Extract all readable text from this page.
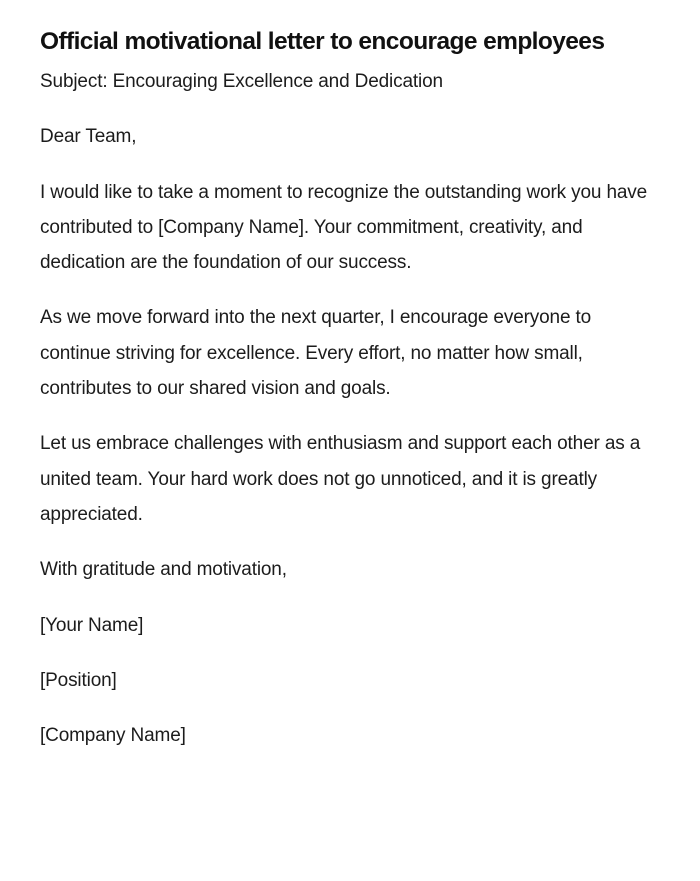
Official motivational letter to encourage employees

Subject: Encouraging Excellence and Dedication

Dear Team,

I would like to take a moment to recognize the outstanding work you have contributed to [Company Name]. Your commitment, creativity, and dedication are the foundation of our success.

As we move forward into the next quarter, I encourage everyone to continue striving for excellence. Every effort, no matter how small, contributes to our shared vision and goals.

Let us embrace challenges with enthusiasm and support each other as a united team. Your hard work does not go unnoticed, and it is greatly appreciated.

With gratitude and motivation,

[Your Name]

[Position]

[Company Name]
